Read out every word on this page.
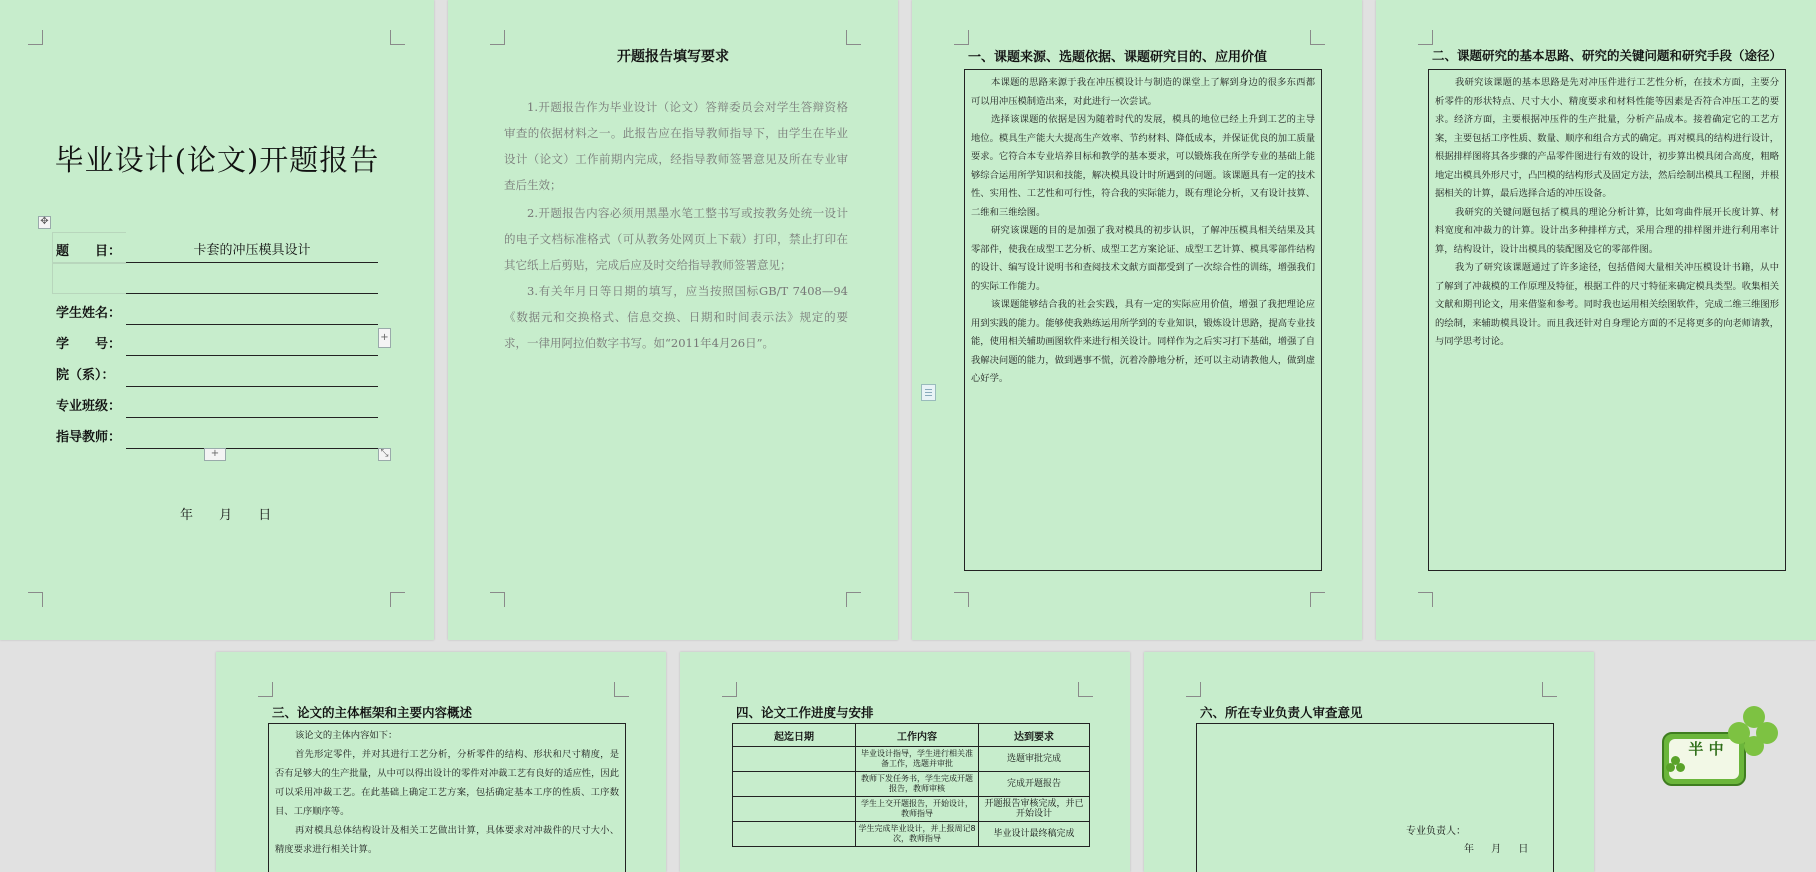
毕业设计(论文)开题报告
✥
题　　目：	卡套的冲压模具设计
学生姓名：
学　　号：
院（系）：
专业班级：
指导教师：
+
+
⤡
年 月 日
开题报告填写要求
1.开题报告作为毕业设计（论文）答辩委员会对学生答辩资格审查的依据材料之一。此报告应在指导教师指导下，由学生在毕业设计（论文）工作前期内完成，经指导教师签署意见及所在专业审查后生效；
2.开题报告内容必须用黑墨水笔工整书写或按教务处统一设计的电子文档标准格式（可从教务处网页上下载）打印，禁止打印在其它纸上后剪贴，完成后应及时交给指导教师签署意见；
3.有关年月日等日期的填写，应当按照国标GB/T 7408—94《数据元和交换格式、信息交换、日期和时间表示法》规定的要求，一律用阿拉伯数字书写。如“2011年4月26日”。
一、课题来源、选题依据、课题研究目的、应用价值

本课题的思路来源于我在冲压模设计与制造的课堂上了解到身边的很多东西都可以用冲压模制造出来，对此进行一次尝试。

选择该课题的依据是因为随着时代的发展，模具的地位已经上升到工艺的主导地位。模具生产能大大提高生产效率、节约材料、降低成本，并保证优良的加工质量要求。它符合本专业培养目标和教学的基本要求，可以锻炼我在所学专业的基础上能够综合运用所学知识和技能，解决模具设计时所遇到的问题。该课题具有一定的技术性、实用性、工艺性和可行性，符合我的实际能力，既有理论分析，又有设计技算、二维和三维绘图。

研究该课题的目的是加强了我对模具的初步认识，了解冲压模具相关结果及其零部件，使我在成型工艺分析、成型工艺方案论证、成型工艺计算、模具零部件结构的设计、编写设计说明书和查阅技术文献方面都受到了一次综合性的训练，增强我们的实际工作能力。

该课题能够结合我的社会实践，具有一定的实际应用价值，增强了我把理论应用到实践的能力。能够使我熟练运用所学到的专业知识，锻炼设计思路，提高专业技能，使用相关辅助画图软件来进行相关设计。同样作为之后实习打下基础，增强了自我解决问题的能力，做到遇事不慌，沉着冷静地分析，还可以主动请教他人，做到虚心好学。

二、课题研究的基本思路、研究的关键问题和研究手段（途径）

我研究该课题的基本思路是先对冲压件进行工艺性分析，在技术方面，主要分析零件的形状特点、尺寸大小、精度要求和材料性能等因素是否符合冲压工艺的要求。经济方面，主要根据冲压件的生产批量，分析产品成本。接着确定它的工艺方案，主要包括工序性质、数量、顺序和组合方式的确定。再对模具的结构进行设计，根据排样图将其各步骤的产品零件图进行有效的设计，初步算出模具闭合高度，粗略地定出模具外形尺寸，凸凹模的结构形式及固定方法，然后绘制出模具工程图，并根据相关的计算，最后选择合适的冲压设备。

我研究的关键问题包括了模具的理论分析计算，比如弯曲件展开长度计算、材料宽度和冲裁力的计算。设计出多种排样方式，采用合理的排样图并进行利用率计算，结构设计，设计出模具的装配图及它的零部件图。

我为了研究该课题通过了许多途径，包括借阅大量相关冲压模设计书籍，从中了解到了冲裁模的工作原理及特征，根据工件的尺寸特征来确定模具类型。收集相关文献和期刊论文，用来借鉴和参考。同时我也运用相关绘图软件，完成二维三维图形的绘制，来辅助模具设计。而且我还针对自身理论方面的不足将更多的向老师请教，与同学思考讨论。

三、论文的主体框架和主要内容概述

该论文的主体内容如下：

首先形定零件，并对其进行工艺分析，分析零件的结构、形状和尺寸精度，是否有足够大的生产批量，从中可以得出设计的零件对冲裁工艺有良好的适应性，因此可以采用冲裁工艺。在此基础上确定工艺方案，包括确定基本工序的性质、工序数目、工序顺序等。

再对模具总体结构设计及相关工艺做出计算，具体要求对冲裁件的尺寸大小、精度要求进行相关计算。

四、论文工作进度与安排
起迄日期	工作内容	达到要求
	毕业设计指导，学生进行相关准备工作，选题并审批	选题审批完成
	教师下发任务书，学生完成开题报告，教师审核	完成开题报告
	学生上交开题报告，开始设计，教师指导	开题报告审核完成，并已开始设计
	学生完成毕业设计，并上报周记8次，教师指导	毕业设计最终稿完成
六、所在专业负责人审查意见
专业负责人：
年 月 日
半 中
